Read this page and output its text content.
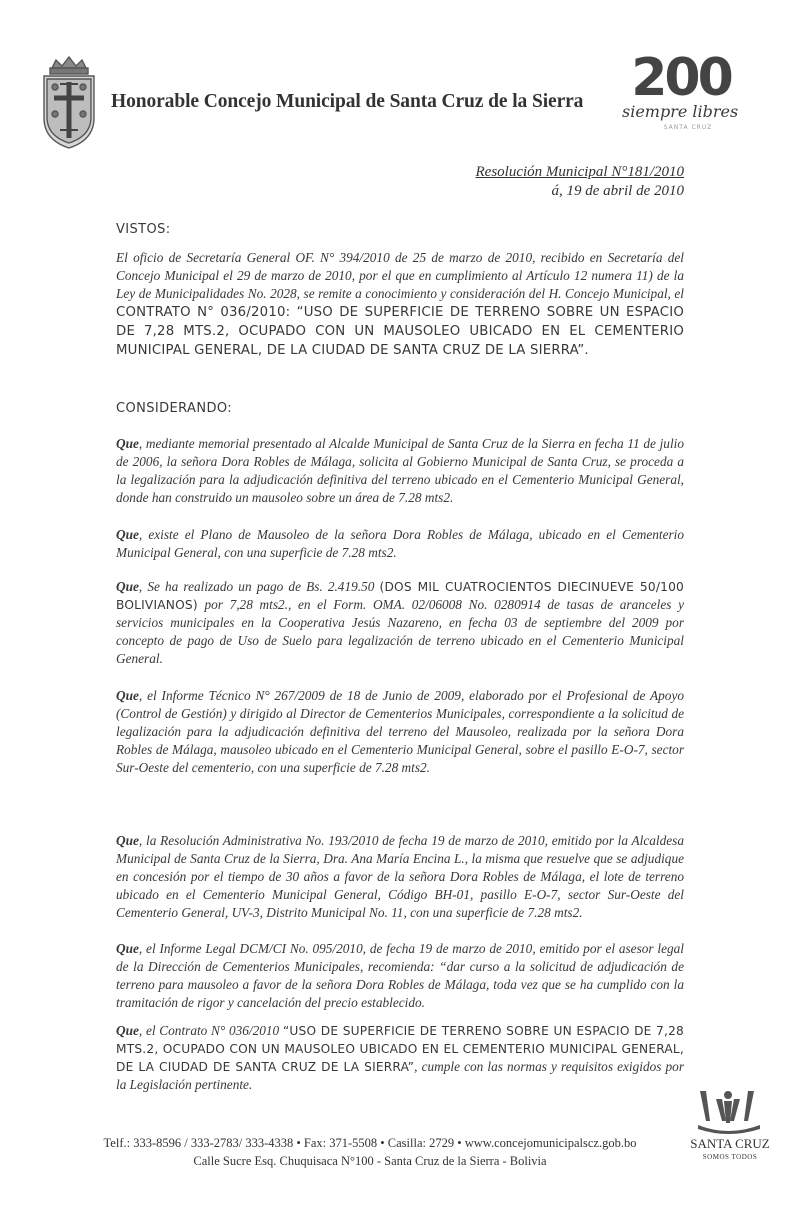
Honorable Concejo Municipal de Santa Cruz de la Sierra 200
siempre libres
SANTA CRUZ
Resolución Municipal N°181/2010
á, 19 de abril de 2010
VISTOS:

El oficio de Secretaría General OF. N° 394/2010 de 25 de marzo de 2010, recibido en Secretaría del Concejo Municipal el 29 de marzo de 2010, por el que en cumplimiento al Artículo 12 numera 11) de la Ley de Municipalidades No. 2028, se remite a conocimiento y consideración del H. Concejo Municipal, el CONTRATO N° 036/2010: “USO DE SUPERFICIE DE TERRENO SOBRE UN ESPACIO DE 7,28 MTS.2, OCUPADO CON UN MAUSOLEO UBICADO EN EL CEMENTERIO MUNICIPAL GENERAL, DE LA CIUDAD DE SANTA CRUZ DE LA SIERRA”.

CONSIDERANDO:

Que, mediante memorial presentado al Alcalde Municipal de Santa Cruz de la Sierra en fecha 11 de julio de 2006, la señora Dora Robles de Málaga, solicita al Gobierno Municipal de Santa Cruz, se proceda a la legalización para la adjudicación definitiva del terreno ubicado en el Cementerio Municipal General, donde han construido un mausoleo sobre un área de 7.28 mts2.

Que, existe el Plano de Mausoleo de la señora Dora Robles de Málaga, ubicado en el Cementerio Municipal General, con una superficie de 7.28 mts2.

Que, Se ha realizado un pago de Bs. 2.419.50 (DOS MIL CUATROCIENTOS DIECINUEVE 50/100 BOLIVIANOS) por 7,28 mts2., en el Form. OMA. 02/06008 No. 0280914 de tasas de aranceles y servicios municipales en la Cooperativa Jesús Nazareno, en fecha 03 de septiembre del 2009 por concepto de pago de Uso de Suelo para legalización de terreno ubicado en el Cementerio Municipal General.

Que, el Informe Técnico N° 267/2009 de 18 de Junio de 2009, elaborado por el Profesional de Apoyo (Control de Gestión) y dirigido al Director de Cementerios Municipales, correspondiente a la solicitud de legalización para la adjudicación definitiva del terreno del Mausoleo, realizada por la señora Dora Robles de Málaga, mausoleo ubicado en el Cementerio Municipal General, sobre el pasillo E-O-7, sector Sur-Oeste del cementerio, con una superficie de 7.28 mts2.

Que, la Resolución Administrativa No. 193/2010 de fecha 19 de marzo de 2010, emitido por la Alcaldesa Municipal de Santa Cruz de la Sierra, Dra. Ana María Encina L., la misma que resuelve que se adjudique en concesión por el tiempo de 30 años a favor de la señora Dora Robles de Málaga, el lote de terreno ubicado en el Cementerio Municipal General, Código BH-01, pasillo E-O-7, sector Sur-Oeste del Cementerio General, UV-3, Distrito Municipal No. 11, con una superficie de 7.28 mts2.

Que, el Informe Legal DCM/CI No. 095/2010, de fecha 19 de marzo de 2010, emitido por el asesor legal de la Dirección de Cementerios Municipales, recomienda: “dar curso a la solicitud de adjudicación de terreno para mausoleo a favor de la señora Dora Robles de Málaga, toda vez que se ha cumplido con la tramitación de rigor y cancelación del precio establecido.

Que, el Contrato N° 036/2010 “USO DE SUPERFICIE DE TERRENO SOBRE UN ESPACIO DE 7,28 MTS.2, OCUPADO CON UN MAUSOLEO UBICADO EN EL CEMENTERIO MUNICIPAL GENERAL, DE LA CIUDAD DE SANTA CRUZ DE LA SIERRA”, cumple con las normas y requisitos exigidos por la Legislación pertinente.

Telf.: 333-8596 / 333-2783/ 333-4338 • Fax: 371-5508 • Casilla: 2729 • www.concejomunicipalscz.gob.bo
Calle Sucre Esq. Chuquisaca N°100 - Santa Cruz de la Sierra - Bolivia
SANTA CRUZ
SOMOS TODOS
